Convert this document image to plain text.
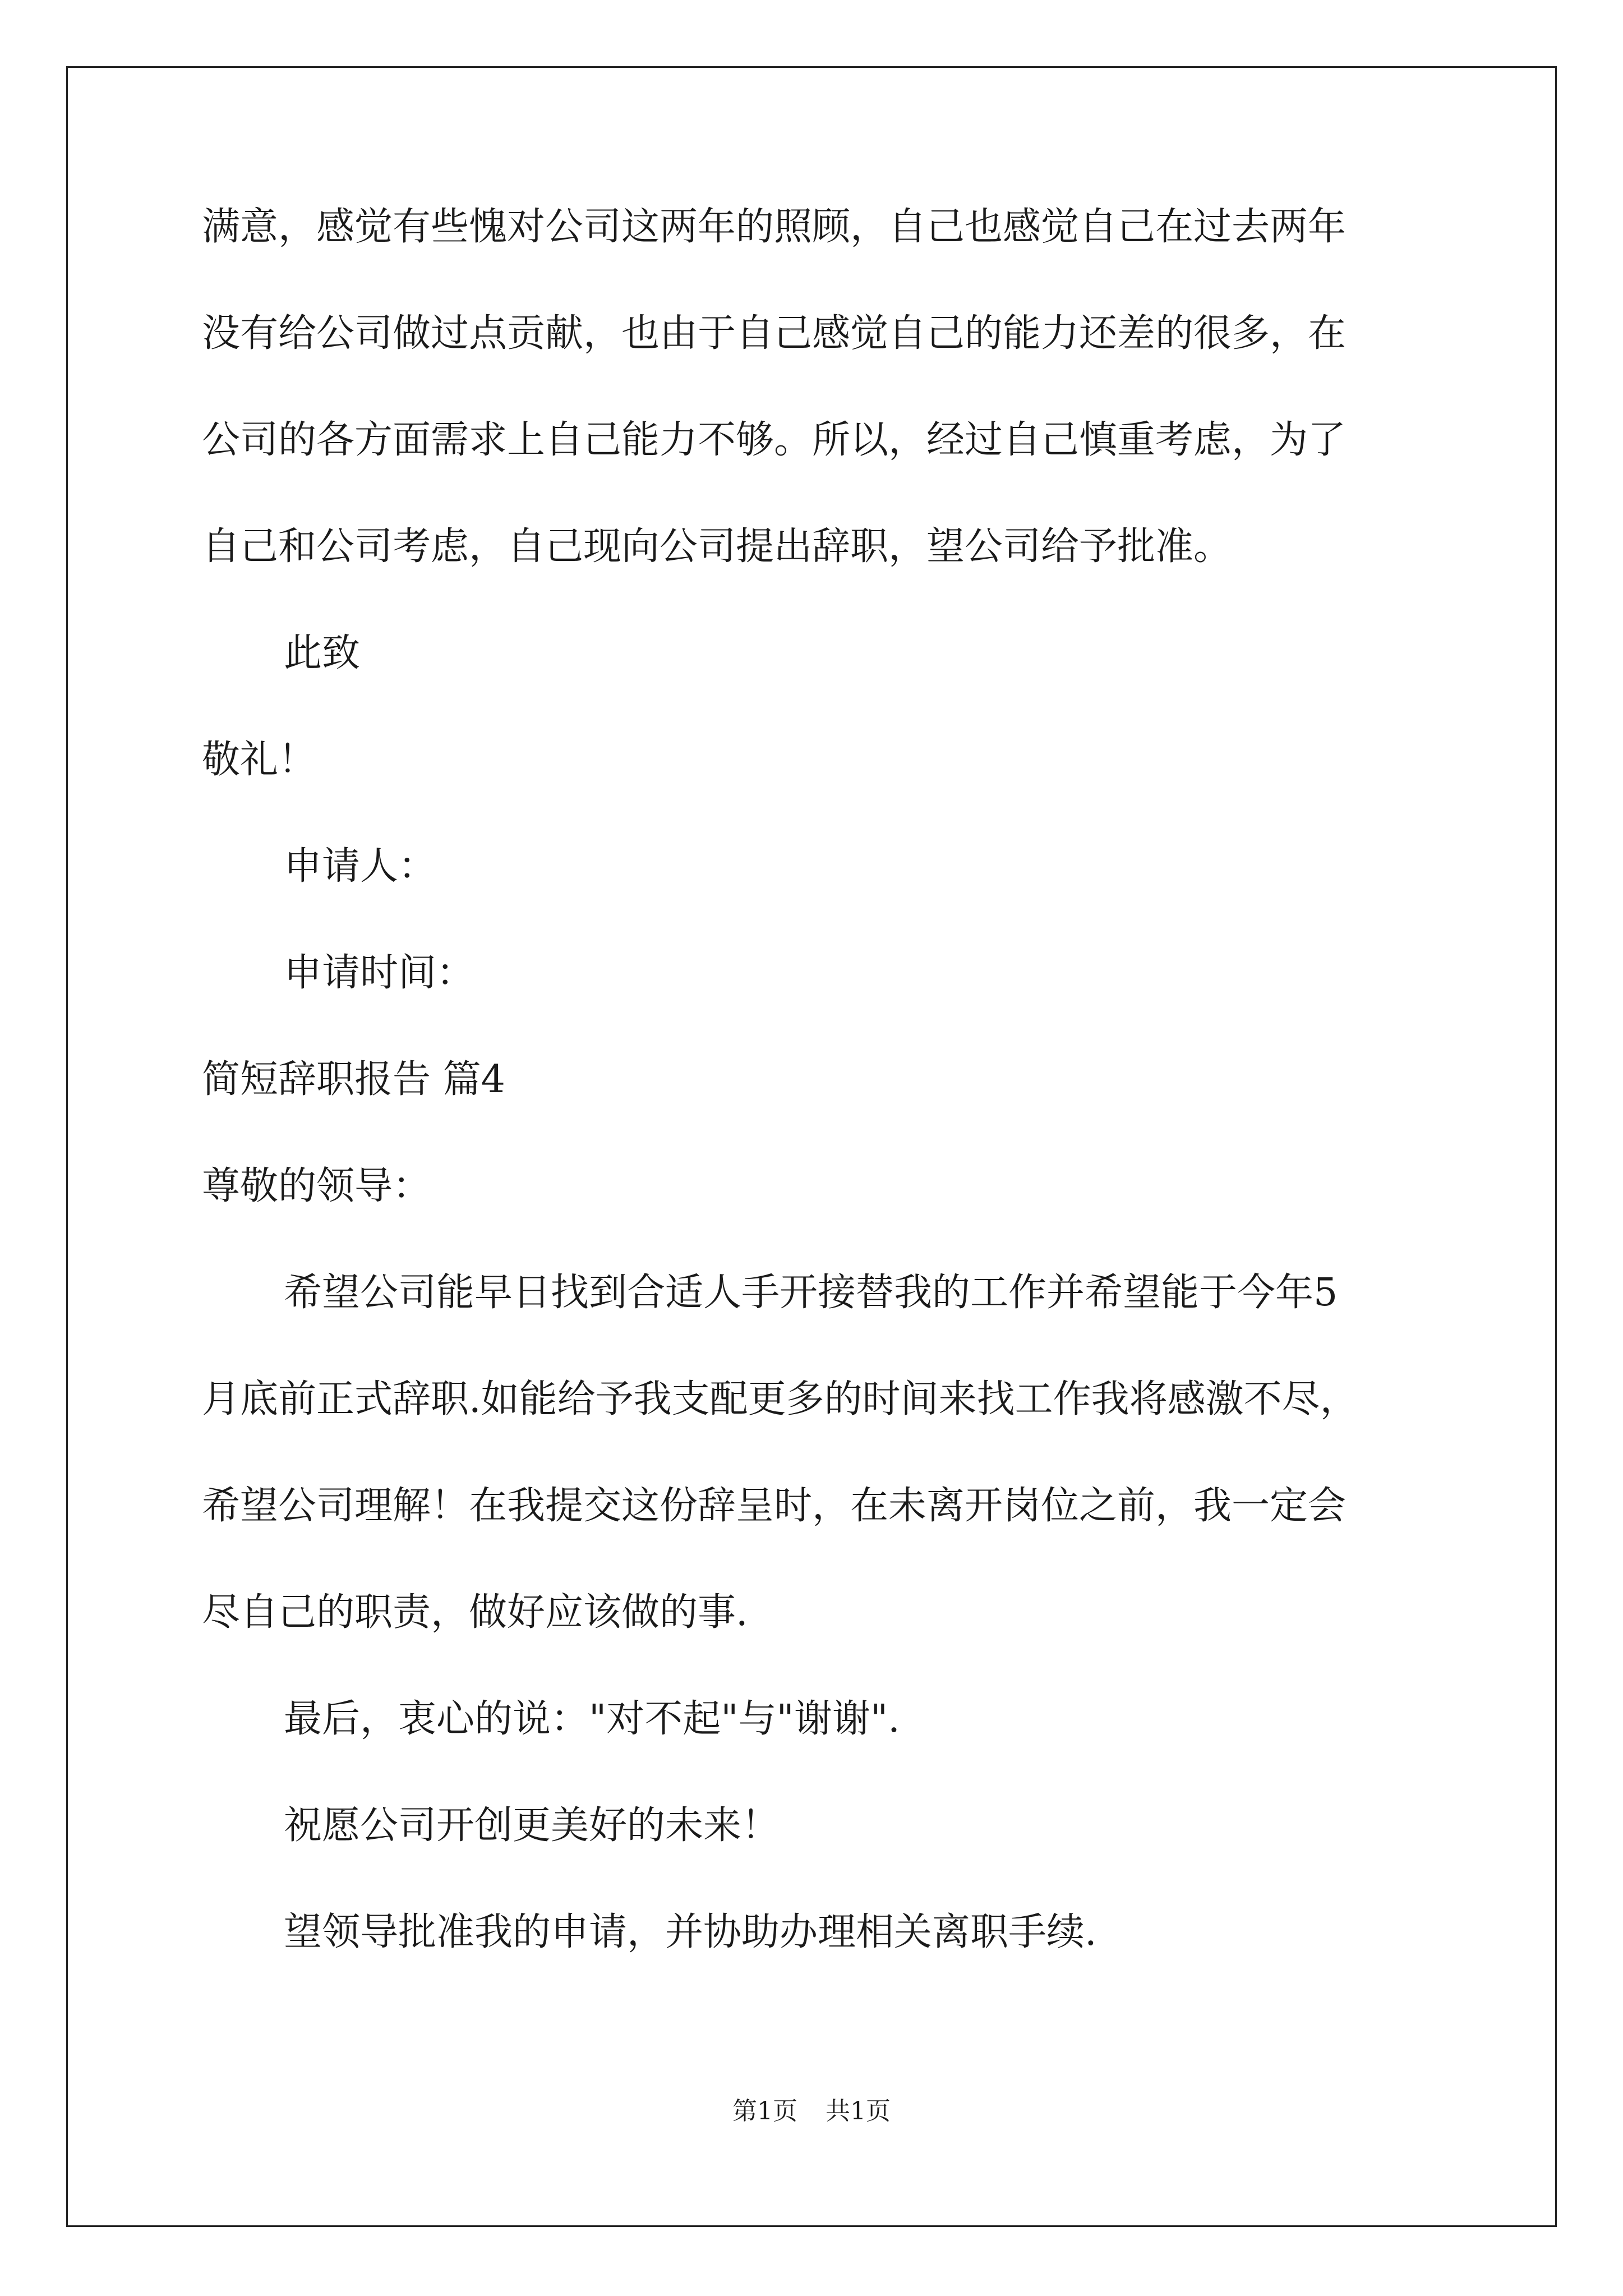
满意，感觉有些愧对公司这两年的照顾，自己也感觉自己在过去两年
没有给公司做过点贡献，也由于自己感觉自己的能力还差的很多，在
公司的各方面需求上自己能力不够。所以，经过自己慎重考虑，为了
自己和公司考虑，自己现向公司提出辞职，望公司给予批准。
此致
敬礼！
申请人：
申请时间：
简短辞职报告 篇4
尊敬的领导：
希望公司能早日找到合适人手开接替我的工作并希望能于今年5
月底前正式辞职.如能给予我支配更多的时间来找工作我将感激不尽，
希望公司理解！在我提交这份辞呈时，在未离开岗位之前，我一定会
尽自己的职责，做好应该做的事.
最后，衷心的说："对不起"与"谢谢".
祝愿公司开创更美好的未来！
望领导批准我的申请，并协助办理相关离职手续.
第1页 共1页
